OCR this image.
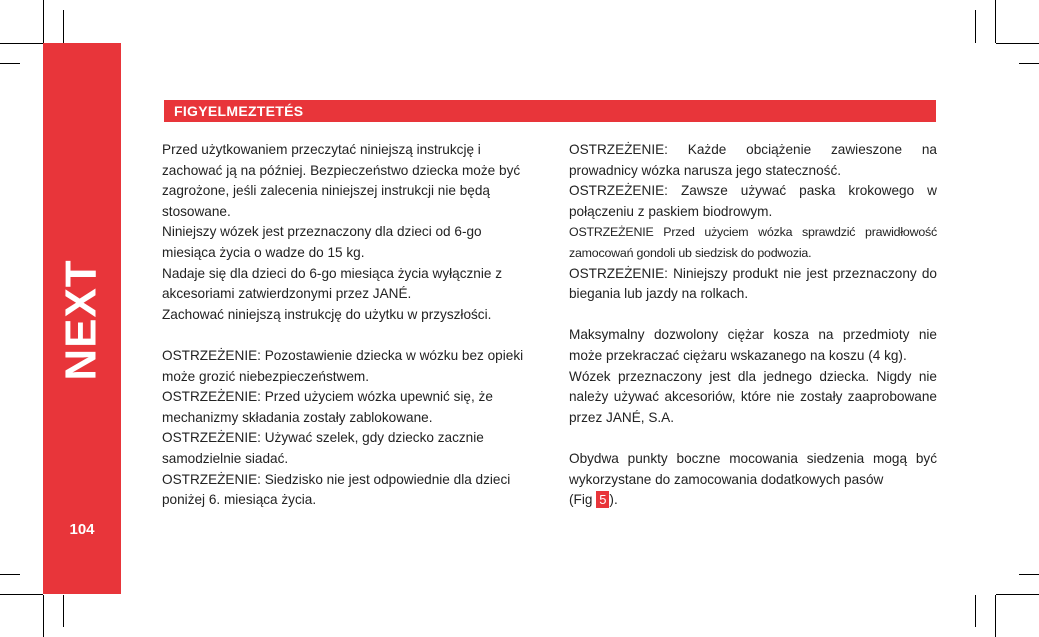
NEXT
104
FIGYELMEZTETÉS

Przed użytkowaniem przeczytać niniejszą instrukcję i

zachować ją na później. Bezpieczeństwo dziecka może być

zagrożone, jeśli zalecenia niniejszej instrukcji nie będą

stosowane.

Niniejszy wózek jest przeznaczony dla dzieci od 6-go

miesiąca życia o wadze do 15 kg.

Nadaje się dla dzieci do 6-go miesiąca życia wyłącznie z

akcesoriami zatwierdzonymi przez JANÉ.

Zachować niniejszą instrukcję do użytku w przyszłości.

OSTRZEŻENIE: Pozostawienie dziecka w wózku bez opieki

może grozić niebezpieczeństwem.

OSTRZEŻENIE: Przed użyciem wózka upewnić się, że

mechanizmy składania zostały zablokowane.

OSTRZEŻENIE: Używać szelek, gdy dziecko zacznie

samodzielnie siadać.

OSTRZEŻENIE: Siedzisko nie jest odpowiednie dla dzieci

poniżej 6. miesiąca życia.

OSTRZEŻENIE: Każde obciążenie zawieszone na prowadnicy wózka narusza jego stateczność.

OSTRZEŻENIE: Zawsze używać paska krokowego w połączeniu z paskiem biodrowym.

OSTRZEŻENIE Przed użyciem wózka sprawdzić prawidłowość zamocowań gondoli ub siedzisk do podwozia.

OSTRZEŻENIE: Niniejszy produkt nie jest przeznaczony do biegania lub jazdy na rolkach.

Maksymalny dozwolony ciężar kosza na przedmioty nie może przekraczać ciężaru wskazanego na koszu (4 kg).

Wózek przeznaczony jest dla jednego dziecka. Nigdy nie należy używać akcesoriów, które nie zostały zaaprobowane przez JANÉ, S.A.

Obydwa punkty boczne mocowania siedzenia mogą być wykorzystane do zamocowania dodatkowych pasów

(Fig 5 ).
